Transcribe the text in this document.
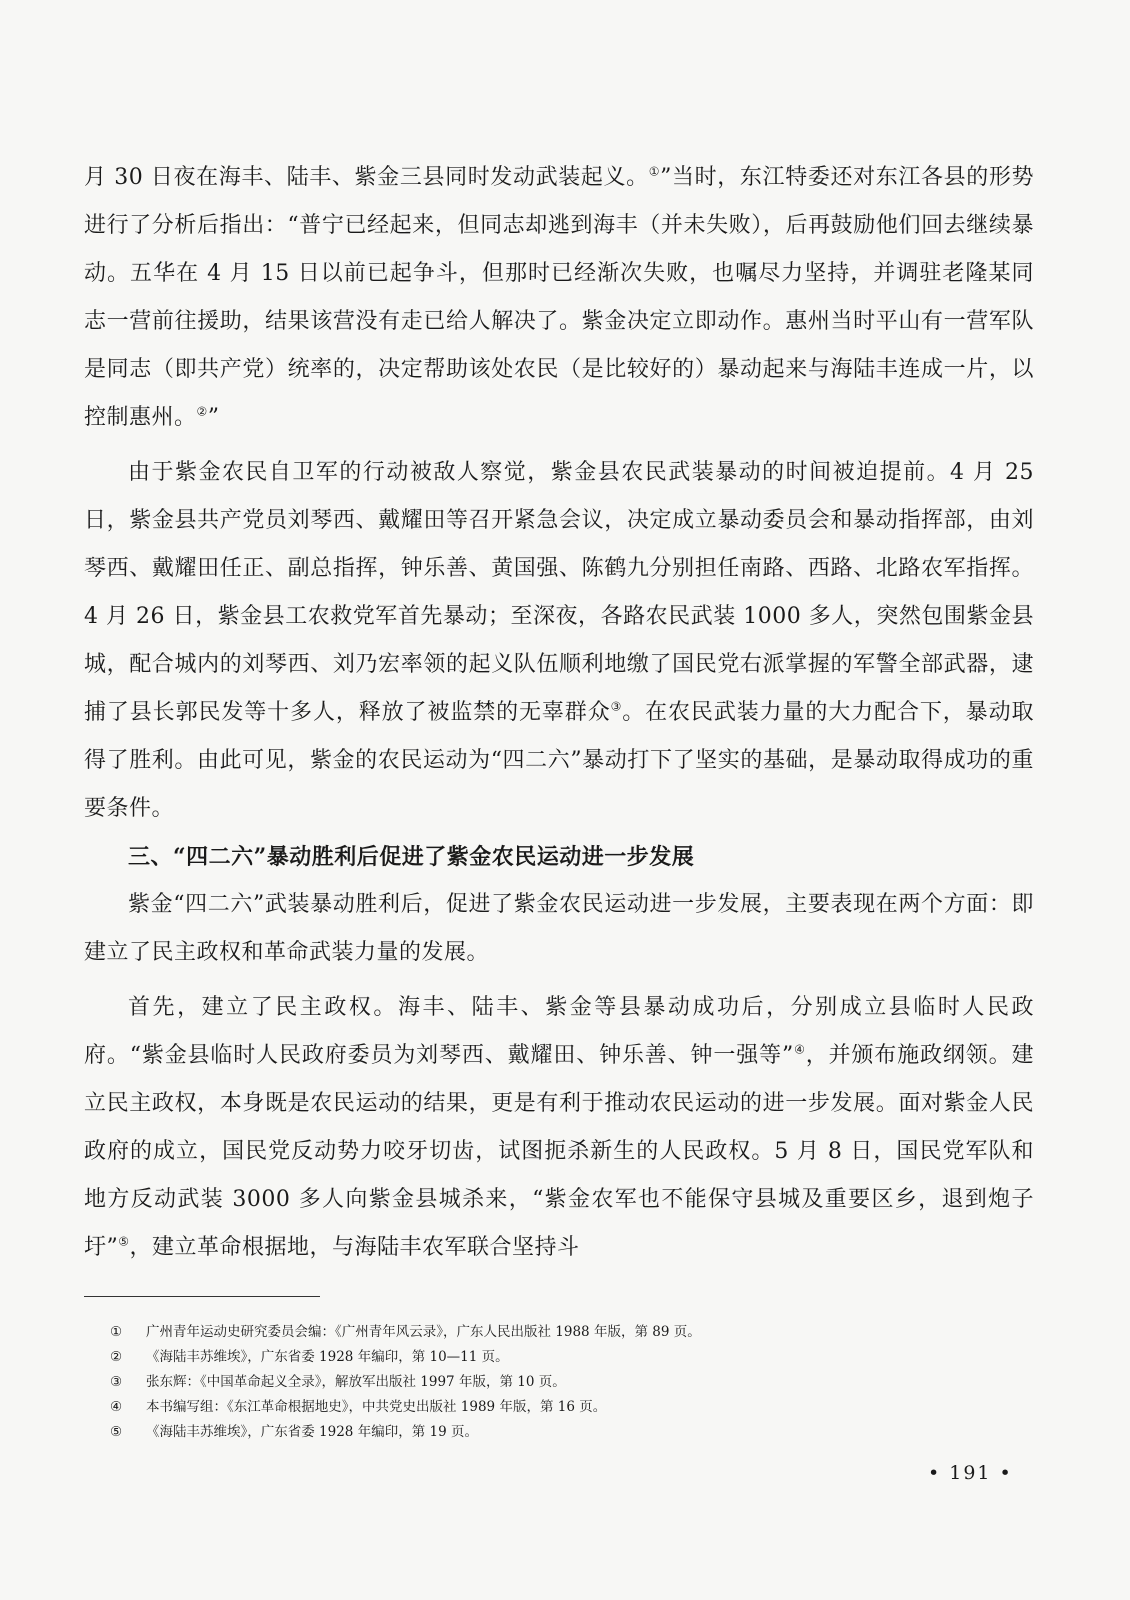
月 30 日夜在海丰、陆丰、紫金三县同时发动武装起义。①”当时，东江特委还对东江各县的形势进行了分析后指出：“普宁已经起来，但同志却逃到海丰（并未失败），后再鼓励他们回去继续暴动。五华在 4 月 15 日以前已起争斗，但那时已经渐次失败，也嘱尽力坚持，并调驻老隆某同志一营前往援助，结果该营没有走已给人解决了。紫金决定立即动作。惠州当时平山有一营军队是同志（即共产党）统率的，决定帮助该处农民（是比较好的）暴动起来与海陆丰连成一片，以控制惠州。②”

由于紫金农民自卫军的行动被敌人察觉，紫金县农民武装暴动的时间被迫提前。4 月 25 日，紫金县共产党员刘琴西、戴耀田等召开紧急会议，决定成立暴动委员会和暴动指挥部，由刘琴西、戴耀田任正、副总指挥，钟乐善、黄国强、陈鹤九分别担任南路、西路、北路农军指挥。4 月 26 日，紫金县工农救党军首先暴动；至深夜，各路农民武装 1000 多人，突然包围紫金县城，配合城内的刘琴西、刘乃宏率领的起义队伍顺利地缴了国民党右派掌握的军警全部武器，逮捕了县长郭民发等十多人，释放了被监禁的无辜群众③。在农民武装力量的大力配合下，暴动取得了胜利。由此可见，紫金的农民运动为“四二六”暴动打下了坚实的基础，是暴动取得成功的重要条件。

三、“四二六”暴动胜利后促进了紫金农民运动进一步发展

紫金“四二六”武装暴动胜利后，促进了紫金农民运动进一步发展，主要表现在两个方面：即建立了民主政权和革命武装力量的发展。

首先，建立了民主政权。海丰、陆丰、紫金等县暴动成功后，分别成立县临时人民政府。“紫金县临时人民政府委员为刘琴西、戴耀田、钟乐善、钟一强等”④，并颁布施政纲领。建立民主政权，本身既是农民运动的结果，更是有利于推动农民运动的进一步发展。面对紫金人民政府的成立，国民党反动势力咬牙切齿，试图扼杀新生的人民政权。5 月 8 日，国民党军队和地方反动武装 3000 多人向紫金县城杀来，“紫金农军也不能保守县城及重要区乡，退到炮子圩”⑤，建立革命根据地，与海陆丰农军联合坚持斗

①	广州青年运动史研究委员会编：《广州青年风云录》，广东人民出版社 1988 年版，第 89 页。
②	《海陆丰苏维埃》，广东省委 1928 年编印，第 10—11 页。
③	张东辉：《中国革命起义全录》，解放军出版社 1997 年版，第 10 页。
④	本书编写组：《东江革命根据地史》，中共党史出版社 1989 年版，第 16 页。
⑤	《海陆丰苏维埃》，广东省委 1928 年编印，第 19 页。
• 191 •
